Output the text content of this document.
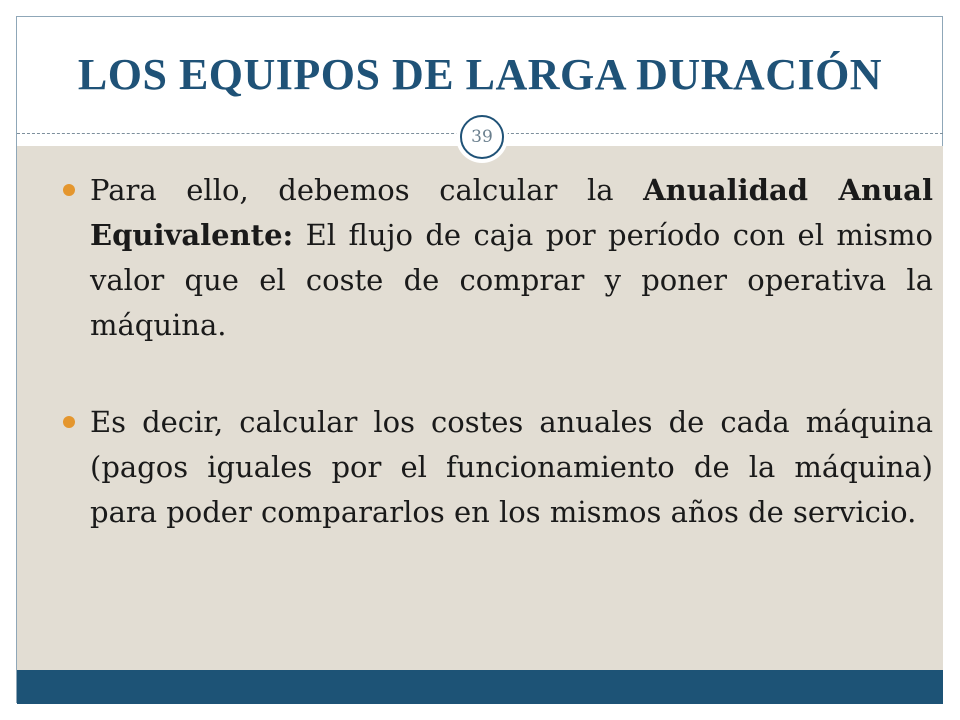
LOS EQUIPOS DE LARGA DURACIÓN
Para ello, debemos calcular la Anualidad Anual Equivalente: El flujo de caja por período con el mismo valor que el coste de comprar y poner operativa la máquina.
Es decir, calcular los costes anuales de cada máquina (pagos iguales por el funcionamiento de la máquina) para poder compararlos en los mismos años de servicio.
39
